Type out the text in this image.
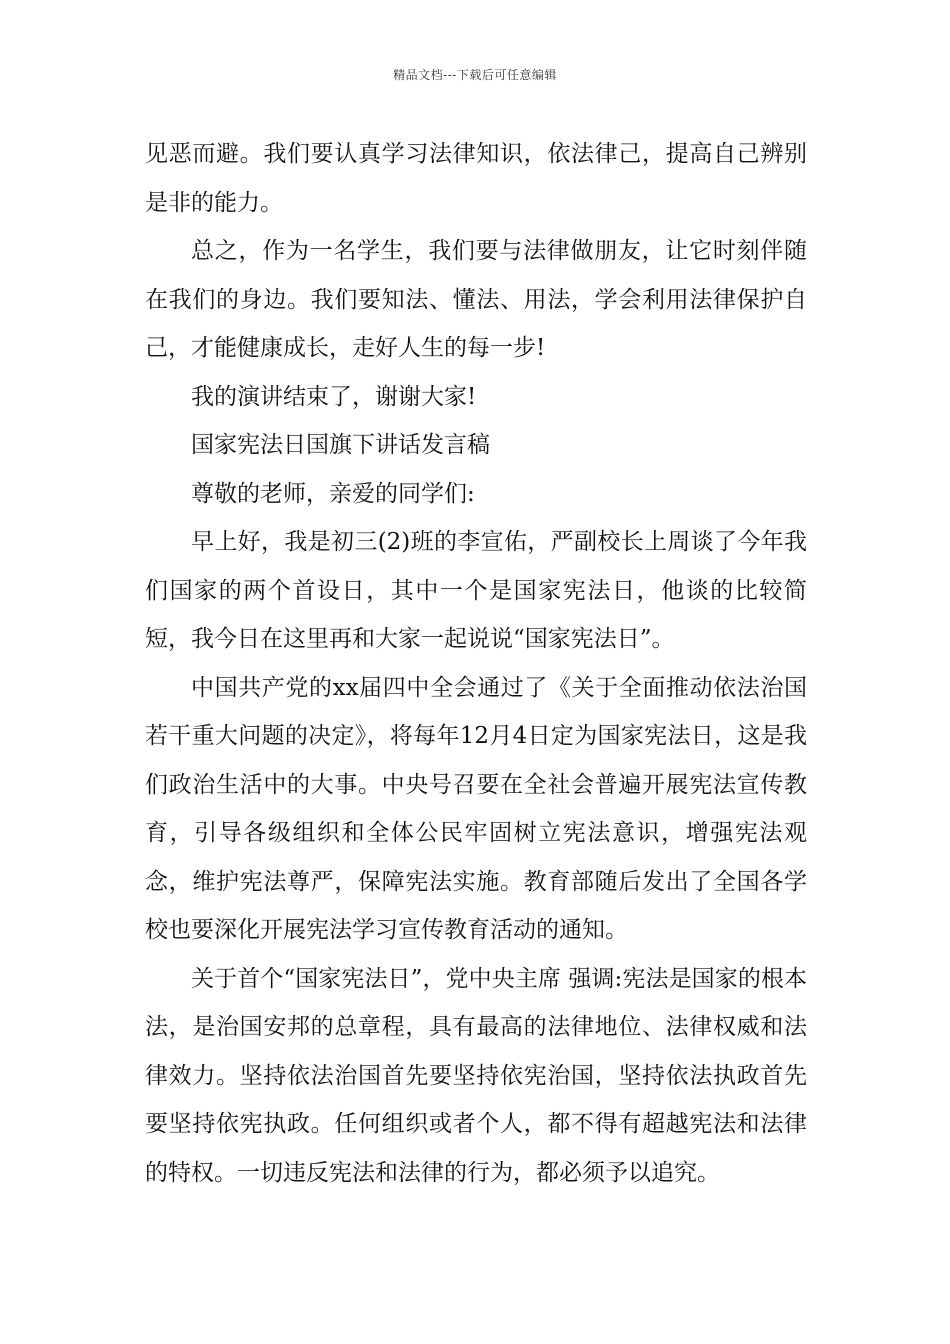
精品文档---下载后可任意编辑

见恶而避。我们要认真学习法律知识，依法律己，提高自己辨别是非的能力。

总之，作为一名学生，我们要与法律做朋友，让它时刻伴随在我们的身边。我们要知法、懂法、用法，学会利用法律保护自己，才能健康成长，走好人生的每一步!

我的演讲结束了，谢谢大家!

国家宪法日国旗下讲话发言稿

尊敬的老师，亲爱的同学们:

早上好，我是初三(2)班的李宣佑，严副校长上周谈了今年我们国家的两个首设日，其中一个是国家宪法日，他谈的比较简短，我今日在这里再和大家一起说说“国家宪法日”。

中国共产党的xx届四中全会通过了《关于全面推动依法治国若干重大问题的决定》，将每年12月4日定为国家宪法日，这是我们政治生活中的大事。中央号召要在全社会普遍开展宪法宣传教育，引导各级组织和全体公民牢固树立宪法意识，增强宪法观念，维护宪法尊严，保障宪法实施。教育部随后发出了全国各学校也要深化开展宪法学习宣传教育活动的通知。

关于首个“国家宪法日”，党中央主席 强调:宪法是国家的根本法，是治国安邦的总章程，具有最高的法律地位、法律权威和法律效力。坚持依法治国首先要坚持依宪治国，坚持依法执政首先要坚持依宪执政。任何组织或者个人，都不得有超越宪法和法律的特权。一切违反宪法和法律的行为，都必须予以追究。
